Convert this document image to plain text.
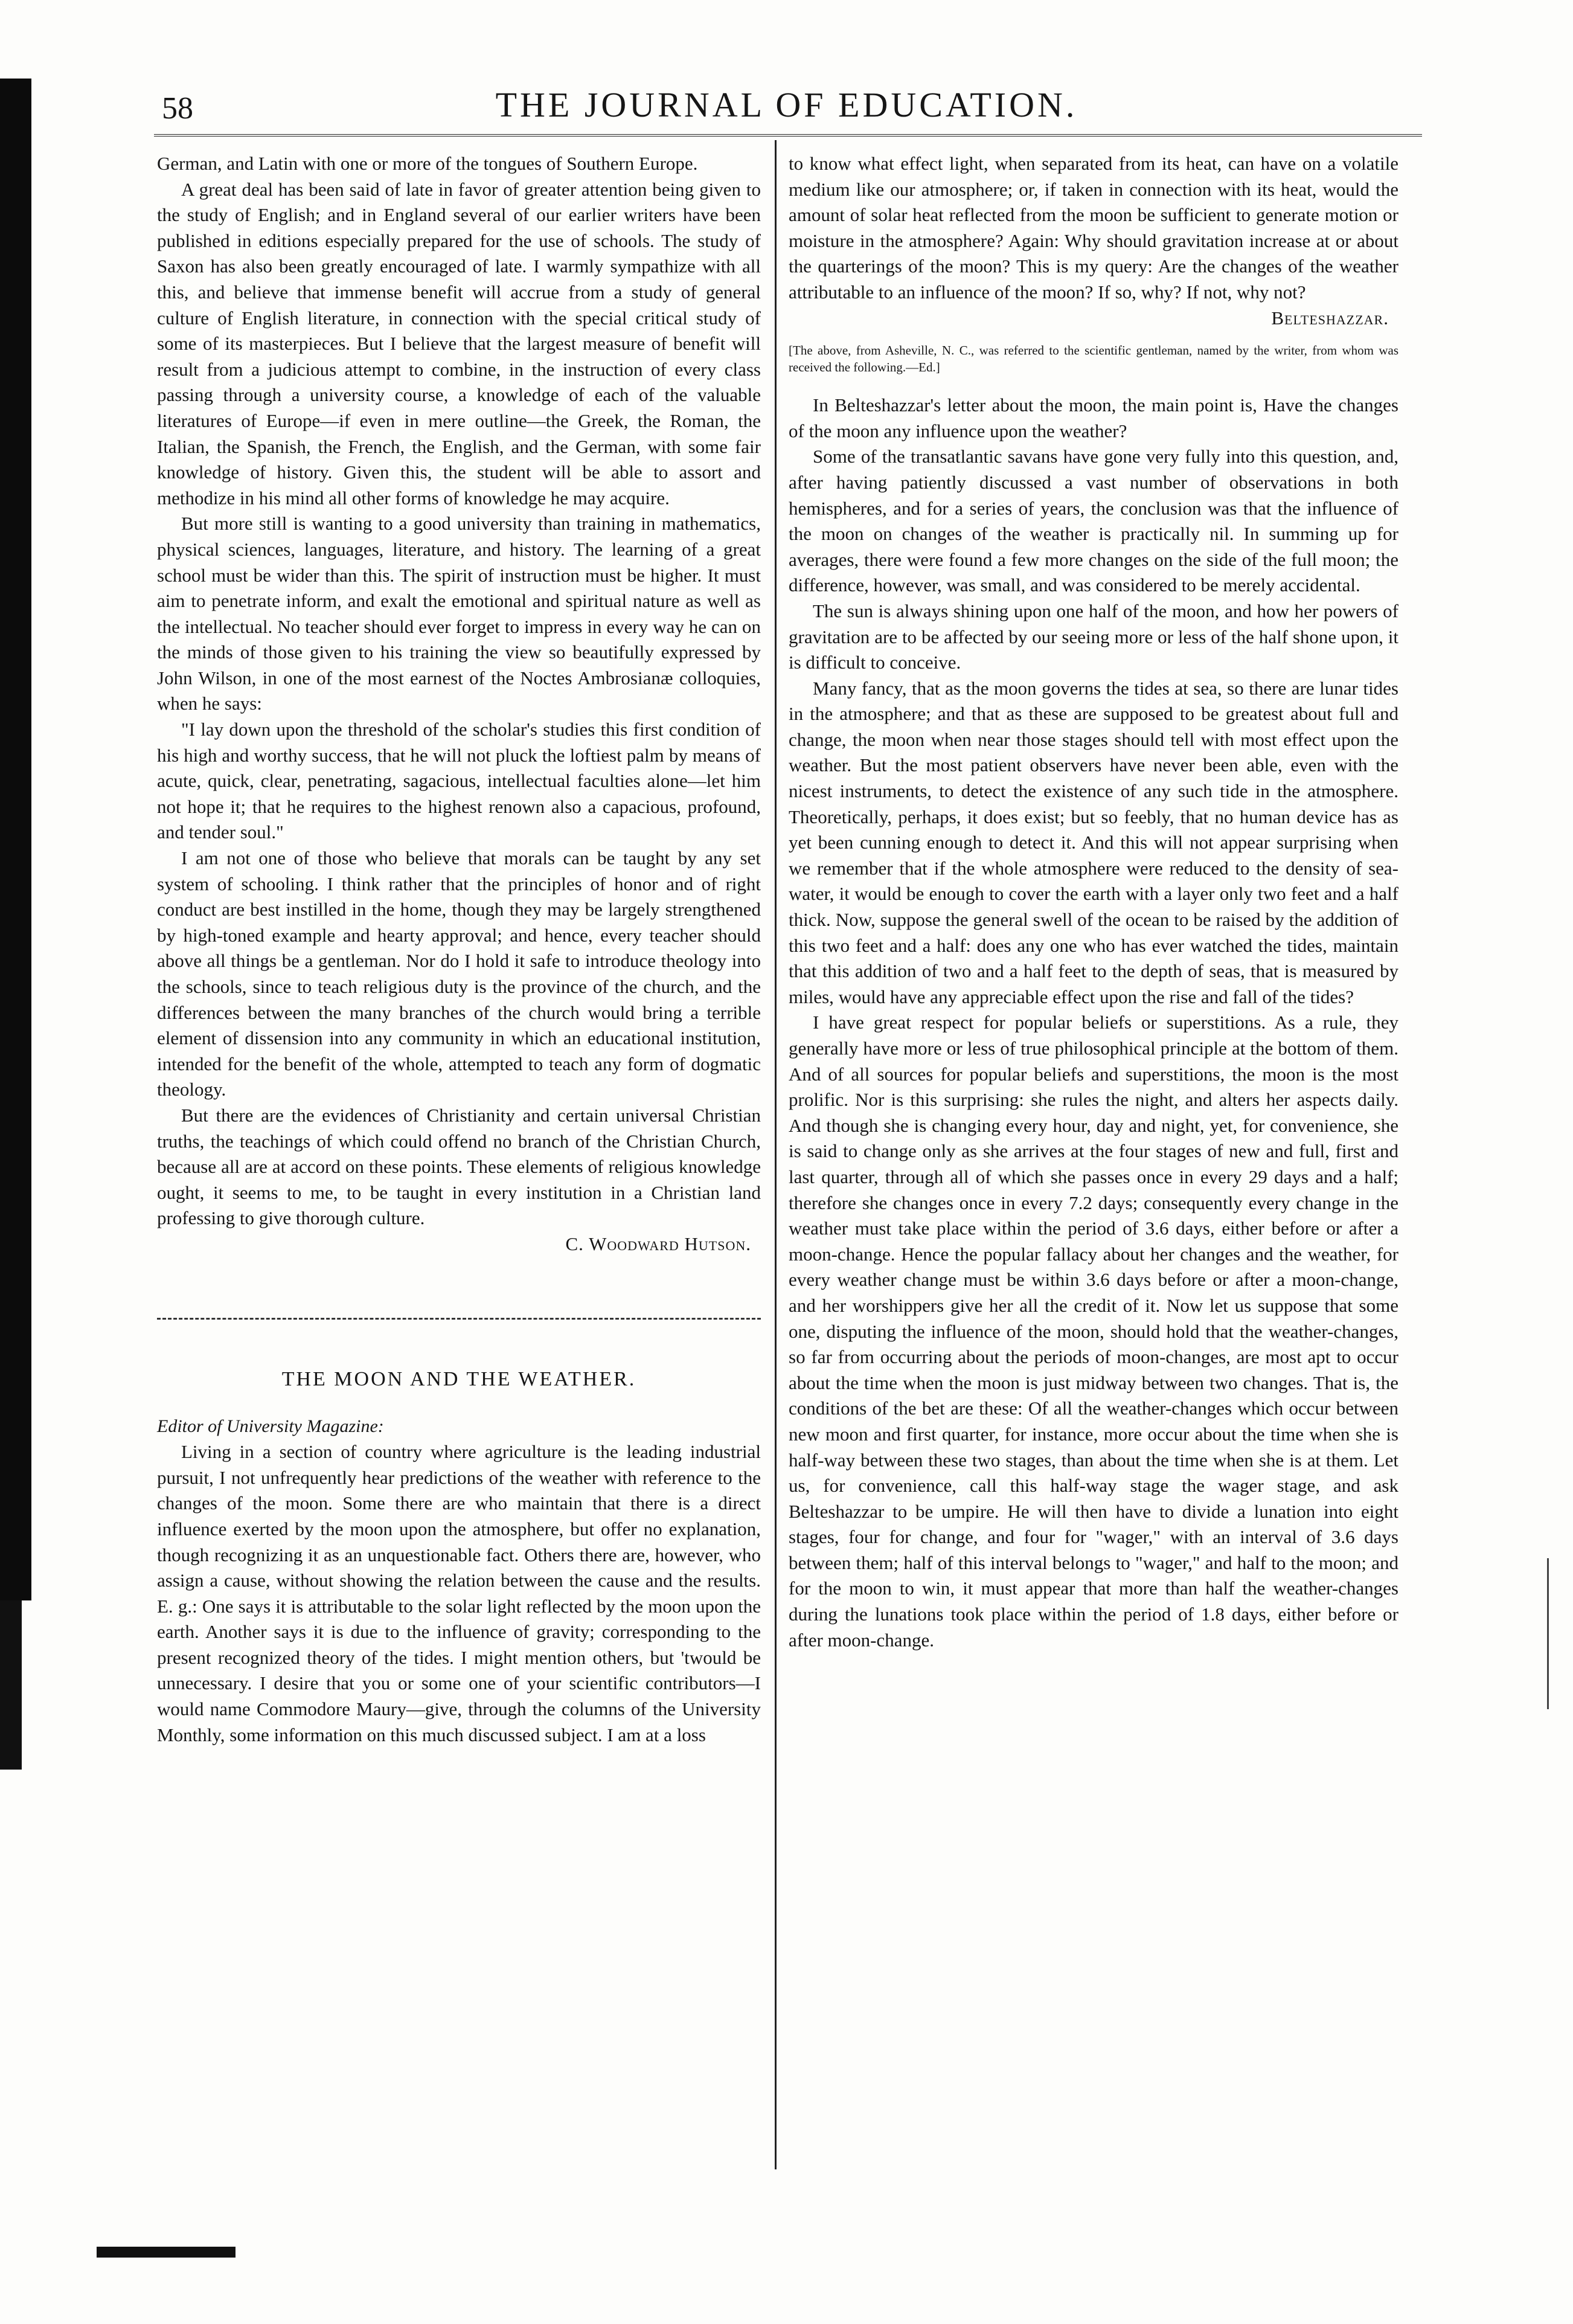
58	THE JOURNAL OF EDUCATION.

German, and Latin with one or more of the tongues of Southern Europe.

A great deal has been said of late in favor of greater attention being given to the study of English; and in England several of our earlier writers have been published in editions especially prepared for the use of schools. The study of Saxon has also been greatly encouraged of late. I warmly sympathize with all this, and believe that immense benefit will accrue from a study of general culture of English literature, in connection with the special critical study of some of its masterpieces. But I believe that the largest measure of benefit will result from a judicious attempt to combine, in the instruction of every class passing through a university course, a knowledge of each of the valuable literatures of Europe—if even in mere outline—the Greek, the Roman, the Italian, the Spanish, the French, the English, and the German, with some fair knowledge of history. Given this, the student will be able to assort and methodize in his mind all other forms of knowledge he may acquire.

But more still is wanting to a good university than training in mathematics, physical sciences, languages, literature, and history. The learning of a great school must be wider than this. The spirit of instruction must be higher. It must aim to penetrate inform, and exalt the emotional and spiritual nature as well as the intellectual. No teacher should ever forget to impress in every way he can on the minds of those given to his training the view so beautifully expressed by John Wilson, in one of the most earnest of the Noctes Ambrosianæ colloquies, when he says:

"I lay down upon the threshold of the scholar's studies this first condition of his high and worthy success, that he will not pluck the loftiest palm by means of acute, quick, clear, penetrating, sagacious, intellectual faculties alone—let him not hope it; that he requires to the highest renown also a capacious, profound, and tender soul."

I am not one of those who believe that morals can be taught by any set system of schooling. I think rather that the principles of honor and of right conduct are best instilled in the home, though they may be largely strengthened by high-toned example and hearty approval; and hence, every teacher should above all things be a gentleman. Nor do I hold it safe to introduce theology into the schools, since to teach religious duty is the province of the church, and the differences between the many branches of the church would bring a terrible element of dissension into any community in which an educational institution, intended for the benefit of the whole, attempted to teach any form of dogmatic theology.

But there are the evidences of Christianity and certain universal Christian truths, the teachings of which could offend no branch of the Christian Church, because all are at accord on these points. These elements of religious knowledge ought, it seems to me, to be taught in every institution in a Christian land professing to give thorough culture.

C. Woodward Hutson.
THE MOON AND THE WEATHER.
Editor of University Magazine:

Living in a section of country where agriculture is the leading industrial pursuit, I not unfrequently hear predictions of the weather with reference to the changes of the moon. Some there are who maintain that there is a direct influence exerted by the moon upon the atmosphere, but offer no explanation, though recognizing it as an unquestionable fact. Others there are, however, who assign a cause, without showing the relation between the cause and the results. E. g.: One says it is attributable to the solar light reflected by the moon upon the earth. Another says it is due to the influence of gravity; corresponding to the present recognized theory of the tides. I might mention others, but 'twould be unnecessary. I desire that you or some one of your scientific contributors—I would name Commodore Maury—give, through the columns of the University Monthly, some information on this much discussed subject. I am at a loss

to know what effect light, when separated from its heat, can have on a volatile medium like our atmosphere; or, if taken in connection with its heat, would the amount of solar heat reflected from the moon be sufficient to generate motion or moisture in the atmosphere? Again: Why should gravitation increase at or about the quarterings of the moon? This is my query: Are the changes of the weather attributable to an influence of the moon? If so, why? If not, why not?

Belteshazzar.
[The above, from Asheville, N. C., was referred to the scientific gentleman, named by the writer, from whom was received the following.—Ed.]

In Belteshazzar's letter about the moon, the main point is, Have the changes of the moon any influence upon the weather?

Some of the transatlantic savans have gone very fully into this question, and, after having patiently discussed a vast number of observations in both hemispheres, and for a series of years, the conclusion was that the influence of the moon on changes of the weather is practically nil. In summing up for averages, there were found a few more changes on the side of the full moon; the difference, however, was small, and was considered to be merely accidental.

The sun is always shining upon one half of the moon, and how her powers of gravitation are to be affected by our seeing more or less of the half shone upon, it is difficult to conceive.

Many fancy, that as the moon governs the tides at sea, so there are lunar tides in the atmosphere; and that as these are supposed to be greatest about full and change, the moon when near those stages should tell with most effect upon the weather. But the most patient observers have never been able, even with the nicest instruments, to detect the existence of any such tide in the atmosphere. Theoretically, perhaps, it does exist; but so feebly, that no human device has as yet been cunning enough to detect it. And this will not appear surprising when we remember that if the whole atmosphere were reduced to the density of sea-water, it would be enough to cover the earth with a layer only two feet and a half thick. Now, suppose the general swell of the ocean to be raised by the addition of this two feet and a half: does any one who has ever watched the tides, maintain that this addition of two and a half feet to the depth of seas, that is measured by miles, would have any appreciable effect upon the rise and fall of the tides?

I have great respect for popular beliefs or superstitions. As a rule, they generally have more or less of true philosophical principle at the bottom of them. And of all sources for popular beliefs and superstitions, the moon is the most prolific. Nor is this surprising: she rules the night, and alters her aspects daily. And though she is changing every hour, day and night, yet, for convenience, she is said to change only as she arrives at the four stages of new and full, first and last quarter, through all of which she passes once in every 29 days and a half; therefore she changes once in every 7.2 days; consequently every change in the weather must take place within the period of 3.6 days, either before or after a moon-change. Hence the popular fallacy about her changes and the weather, for every weather change must be within 3.6 days before or after a moon-change, and her worshippers give her all the credit of it. Now let us suppose that some one, disputing the influence of the moon, should hold that the weather-changes, so far from occurring about the periods of moon-changes, are most apt to occur about the time when the moon is just midway between two changes. That is, the conditions of the bet are these: Of all the weather-changes which occur between new moon and first quarter, for instance, more occur about the time when she is half-way between these two stages, than about the time when she is at them. Let us, for convenience, call this half-way stage the wager stage, and ask Belteshazzar to be umpire. He will then have to divide a lunation into eight stages, four for change, and four for "wager," with an interval of 3.6 days between them; half of this interval belongs to "wager," and half to the moon; and for the moon to win, it must appear that more than half the weather-changes during the lunations took place within the period of 1.8 days, either before or after moon-change.
